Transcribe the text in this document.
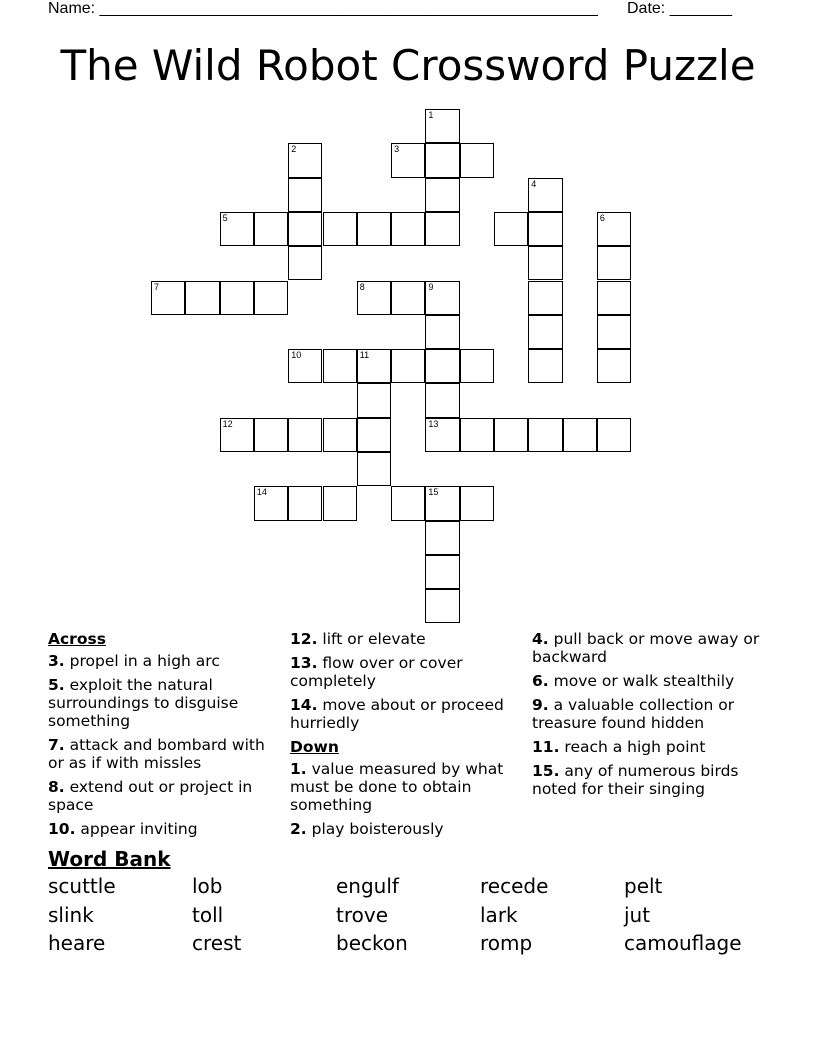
Name: ________________________________________________________ Date: _______
The Wild Robot Crossword Puzzle
1
2	3
4
5	6
7	8	9
10	11
12
14	15
13
Across
3. propel in a high arc
5. exploit the natural surroundings to disguise something
7. attack and bombard with or as if with missles
8. extend out or project in space
10. appear inviting
12. lift or elevate
13. flow over or cover completely
14. move about or proceed hurriedly
Down
1. value measured by what must be done to obtain something
2. play boisterously
4. pull back or move away or backward
6. move or walk stealthily
9. a valuable collection or treasure found hidden
11. reach a high point
15. any of numerous birds noted for their singing
Word Bank
scuttle	lob	engulf	recede	pelt
slink	toll	trove	lark	jut
heare	crest	beckon	romp	camouflage
